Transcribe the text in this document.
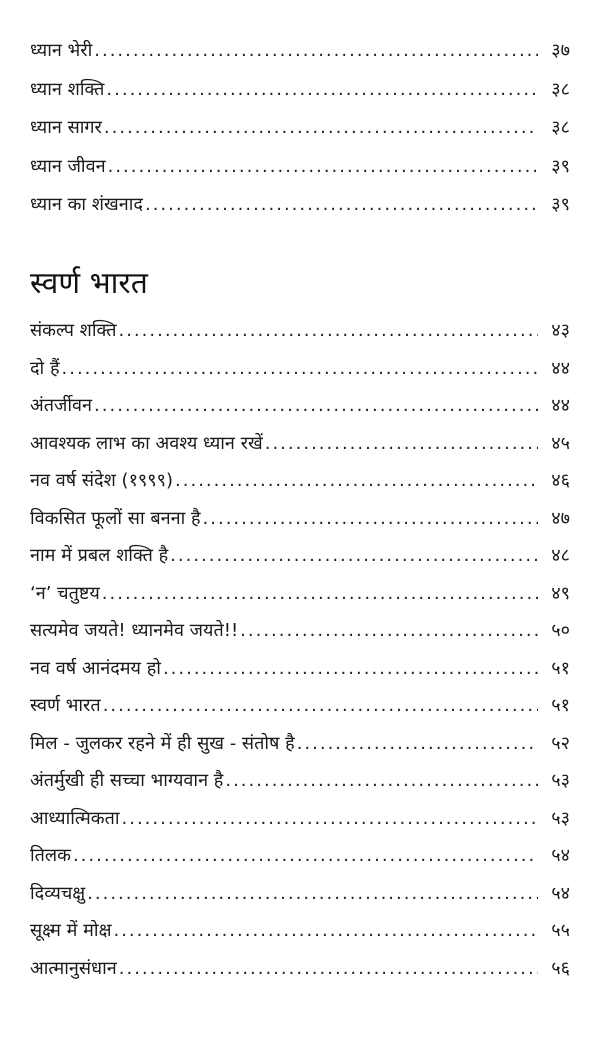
ध्यान भेरी .....	३७
ध्यान शक्ति .....	३८
ध्यान सागर .....	३८
ध्यान जीवन .....	३९
ध्यान का शंखनाद .....	३९
स्वर्ण भारत
संकल्प शक्ति .....	४३
दो हैं .....	४४
अंतर्जीवन .....	४४
आवश्यक लाभ का अवश्य ध्यान रखें .....	४५
नव वर्ष संदेश (१९९९) .....	४६
विकसित फूलों सा बनना है .....	४७
नाम में प्रबल शक्ति है .....	४८
‘न’ चतुष्टय .....	४९
सत्यमेव जयते! ध्यानमेव जयते!! .....	५०
नव वर्ष आनंदमय हो .....	५१
स्वर्ण भारत .....	५१
मिल - जुलकर रहने में ही सुख - संतोष है .....	५२
अंतर्मुखी ही सच्चा भाग्यवान है .....	५३
आध्यात्मिकता .....	५३
तिलक .....	५४
दिव्यचक्षु .....	५४
सूक्ष्म में मोक्ष .....	५५
आत्मानुसंधान .....	५६
